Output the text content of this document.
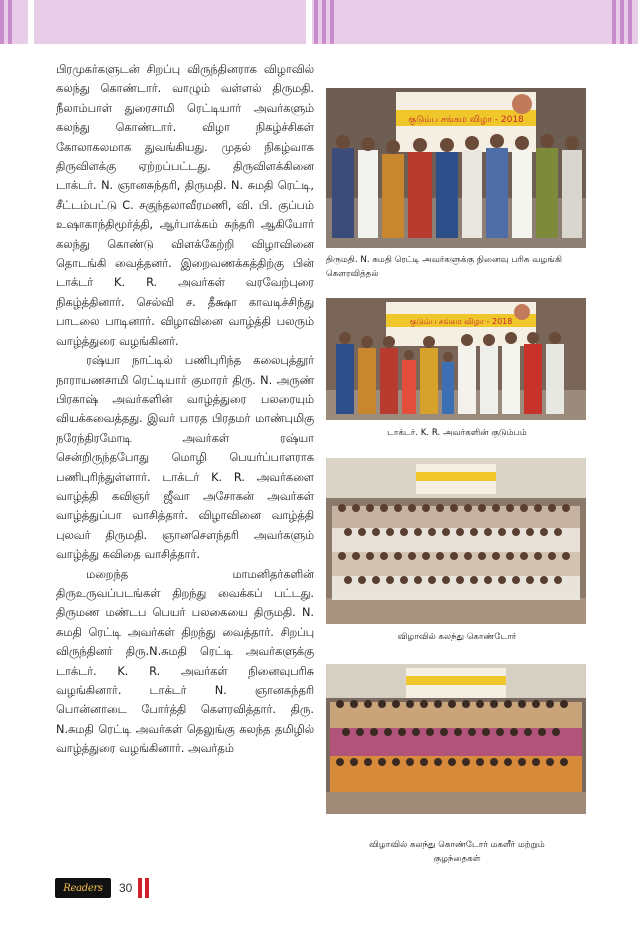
பிரமுகர்களுடன் சிறப்பு விருந்தினராக விழாவில் கலந்து கொண்டார். வாழும் வள்ளல் திருமதி. நீலாம்பாள் துரைசாமி ரெட்டியார் அவர்களும் கலந்து கொண்டார். விழா நிகழ்ச்சிகள் கோலாகலமாக துவங்கியது. முதல் நிகழ்வாக திருவிளக்கு ஏற்றப்பட்டது. திருவிளக்கினை டாக்டர். N. ஞானசுந்தரி, திருமதி. N. சுமதி ரெட்டி, சீட்டம்பட்டு C. சகுந்தலாவீரமணி, வி. பி. குப்பம் உஷாகாந்திமூர்த்தி, ஆர்பாக்கம் சுந்தரி ஆகியோர் கலந்து கொண்டு விளக்கேற்றி விழாவினை தொடங்கி வைத்தனர். இறைவணக்கத்திற்கு பின் டாக்டர் K. R. அவர்கள் வரவேற்புரை நிகழ்த்தினார். செல்வி ச. தீக்ஷா காவடிச்சிந்து பாடலை பாடினார். விழாவினை வாழ்த்தி பலரும் வாழ்த்துரை வழங்கினர்.

ரஷ்யா நாட்டில் பணிபுரிந்த கலைபுத்தூர் நாராயணசாமி ரெட்டியார் குமாரர் திரு. N. அருண் பிரகாஷ் அவர்களின் வாழ்த்துரை பலரையும் வியக்கவைத்தது. இவர் பாரத பிரதமர் மாண்புமிகு நரேந்திரமோடி அவர்கள் ரஷ்யா சென்றிருந்தபோது மொழி பெயர்ப்பாளராக பணிபுரிந்துள்ளார். டாக்டர் K. R. அவர்களை வாழ்த்தி கவிஞர் ஜீவா அசோகன் அவர்கள் வாழ்த்துப்பா வாசித்தார். விழாவினை வாழ்த்தி புலவர் திருமதி. ஞானசௌந்தரி அவர்களும் வாழ்த்து கவிதை வாசித்தார்.

மறைந்த மாமனிதர்களின் திருஉருவப்படங்கள் திறந்து வைக்கப் பட்டது. திருமண மண்டப பெயர் பலகையை திருமதி. N. சுமதி ரெட்டி அவர்கள் திறந்து வைத்தார். சிறப்பு விருந்தினர் திரு.N.சுமதி ரெட்டி அவர்களுக்கு டாக்டர். K. R. அவர்கள் நினைவுபரிசு வழங்கினார். டாக்டர் N. ஞானசுந்தரி பொன்னாடை போர்த்தி கௌரவித்தார். திரு. N.சுமதி ரெட்டி அவர்கள் தெலுங்கு கலந்த தமிழில் வாழ்த்துரை வழங்கினார். அவர்தம்

குடும்ப சங்கம விழா - 2018
திருமதி. N. சுமதி ரெட்டி அவர்களுக்கு நினைவு பரிசு வழங்கி கௌரவித்தல்
குடும்ப சங்கம விழா - 2018
டாக்டர். K. R. அவர்களின் குடும்பம்
விழாவில் கலந்து கொண்டோர்
விழாவில் கலந்து கொண்டோர் மகளீர் மற்றும் குழந்தைகள்
Readers 30
